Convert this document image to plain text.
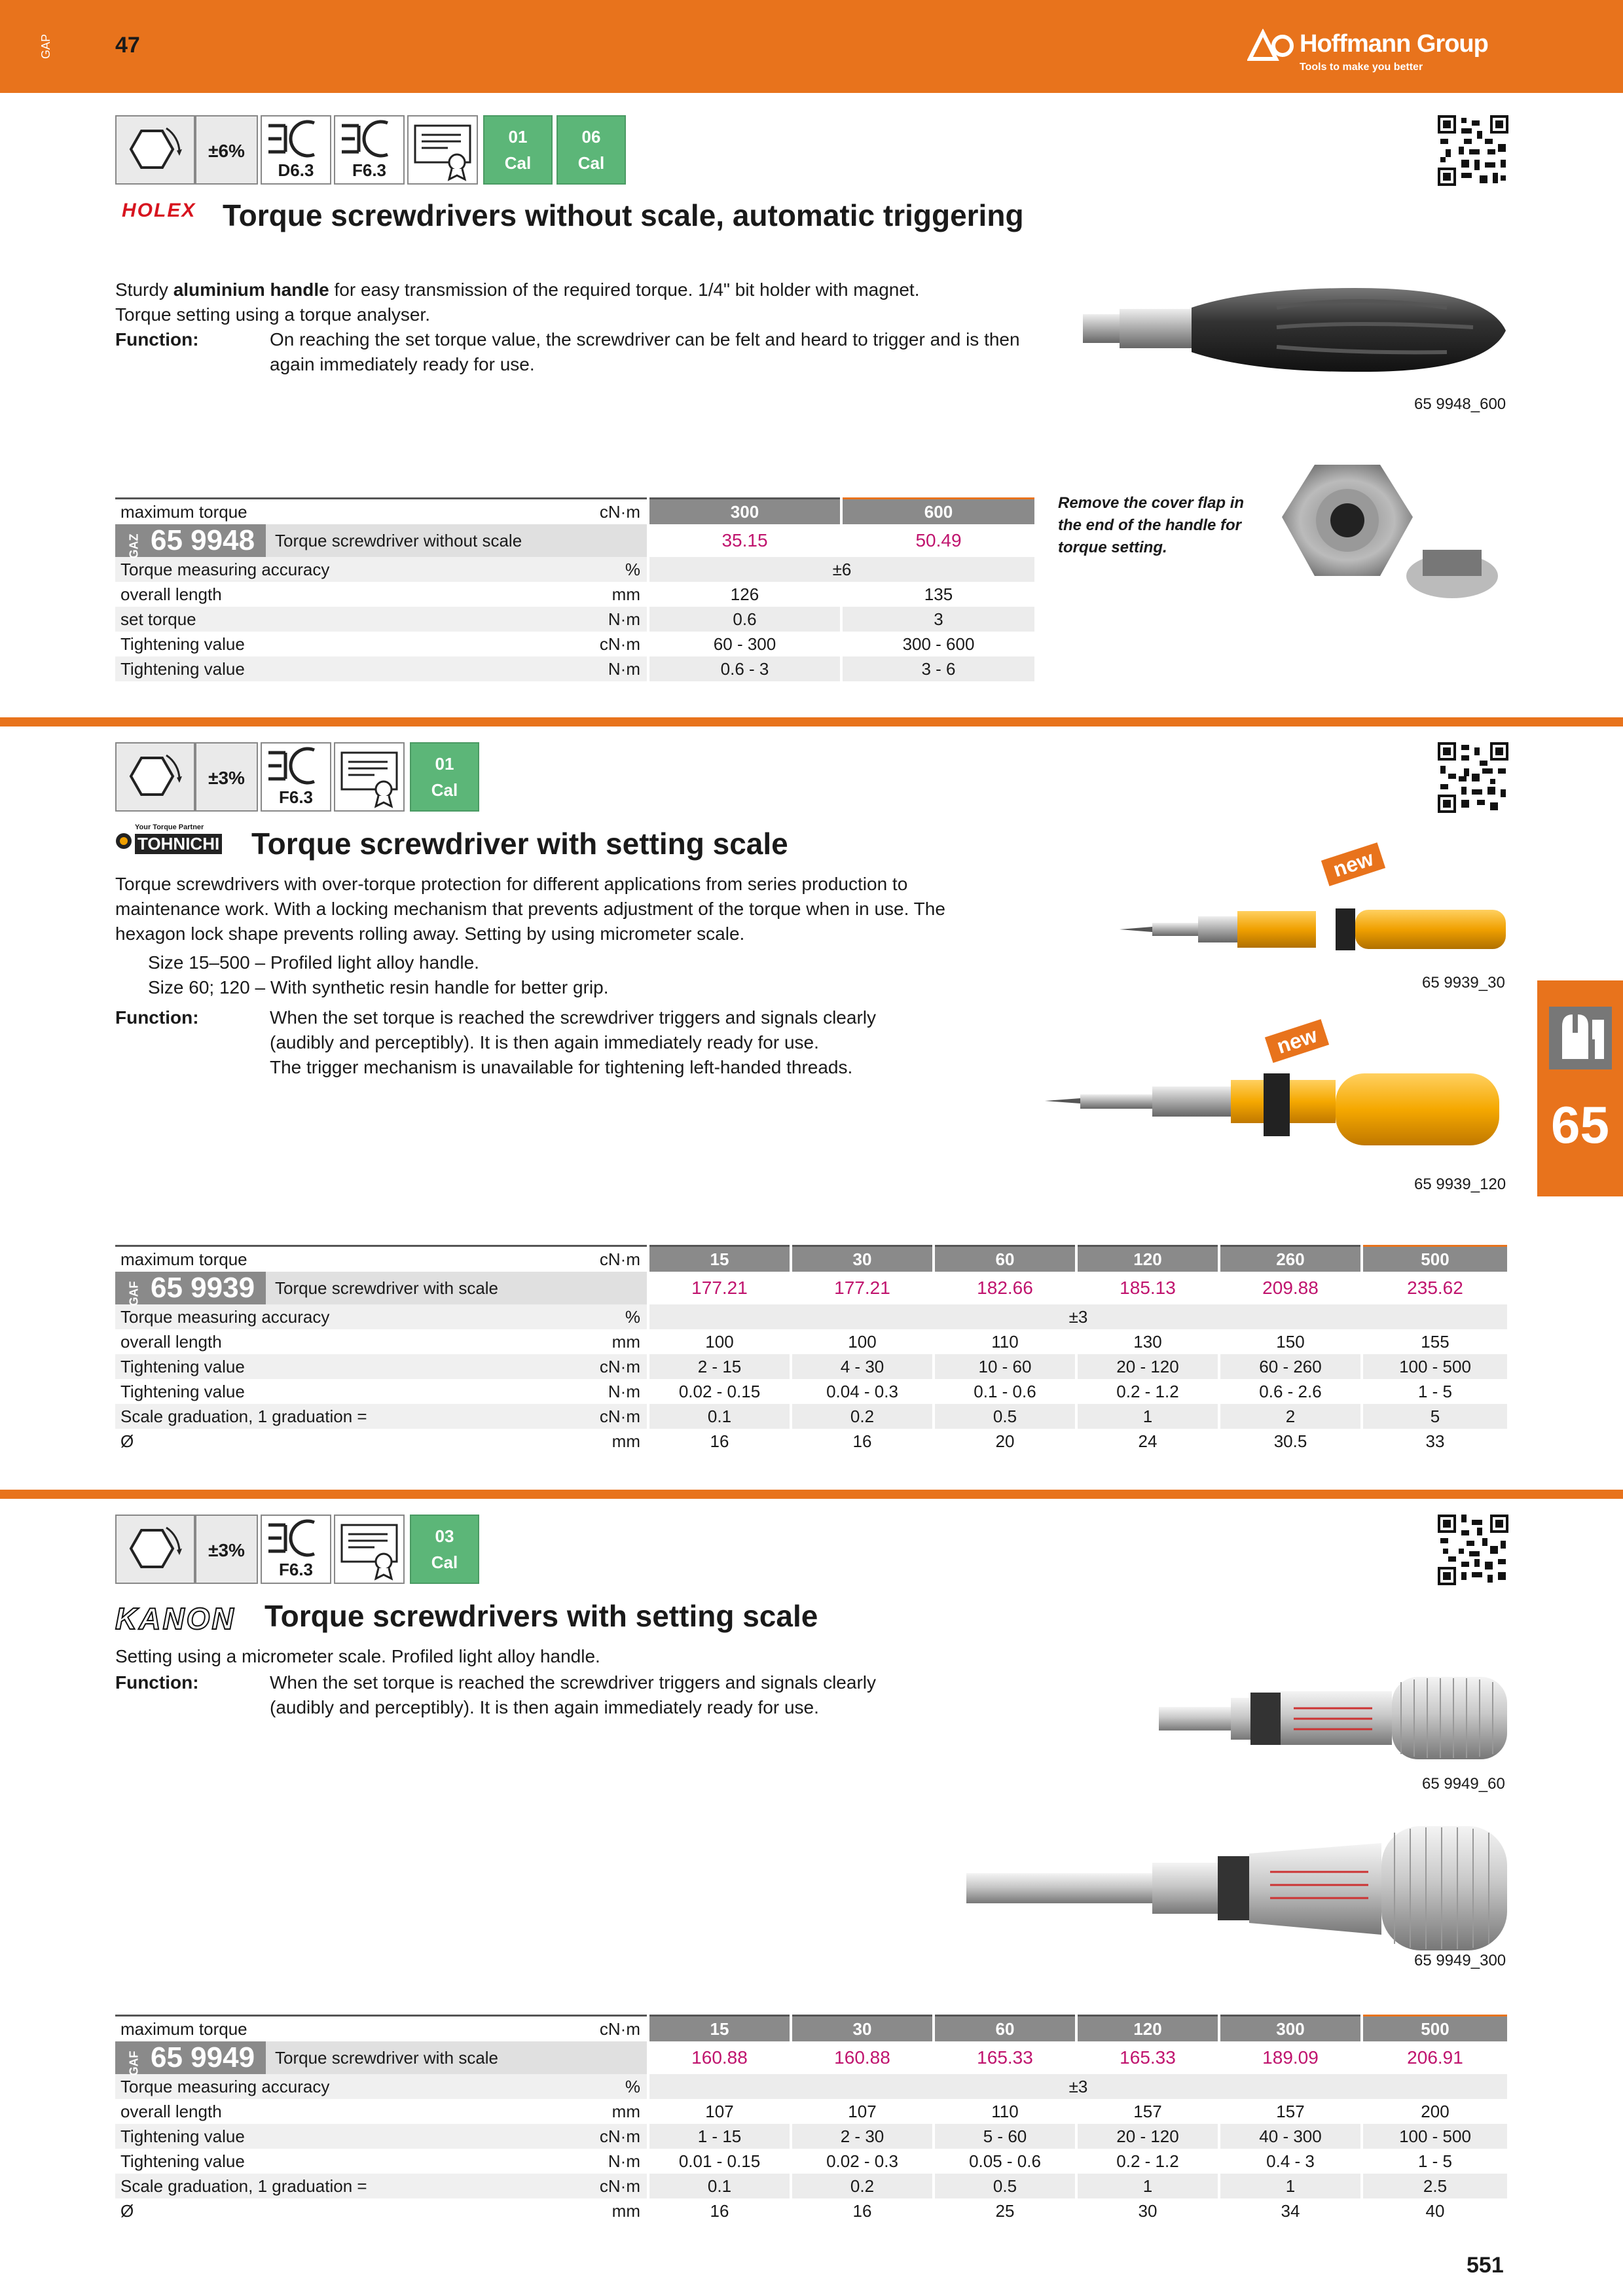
GAP	47	Hoffmann Group
Tools to make you better
±6%
D6.3	F6.3
01
Cal
06
Cal
HOLEX Torque screwdrivers without scale, automatic triggering
Sturdy aluminium handle for easy transmission of the required torque. 1/4" bit holder with magnet.
Torque setting using a torque analyser.
Function:	On reaching the set torque value, the screwdriver can be felt and heard to trigger and is then again immediately ready for use.
65 9948_600
maximum torque		cN·m	300	600
GAZ 65 9948	Torque screwdriver without scale		35.15	50.49
Torque measuring accuracy		%	±6	
overall length		mm	126	135
set torque		N·m	0.6	3
Tightening value		cN·m	60 - 300	300 - 600
Tightening value		N·m	0.6 - 3	3 - 6
Remove the cover flap in the end of the handle for torque setting.
±3%
F6.3
01
Cal
Your Torque Partner
TOHNICHI Torque screwdriver with setting scale
Torque screwdrivers with over-torque protection for different applications from series production to maintenance work. With a locking mechanism that prevents adjustment of the torque when in use. The hexagon lock shape prevents rolling away. Setting by using micrometer scale.
Size 15–500 – Profiled light alloy handle.
Size 60; 120 – With synthetic resin handle for better grip.
Function:	When the set torque is reached the screwdriver triggers and signals clearly (audibly and perceptibly). It is then again immediately ready for use.
The trigger mechanism is unavailable for tightening left-handed threads.
new
65 9939_30
new
65 9939_120
65
maximum torque		cN·m	15	30	60	120	260	500
GAF 65 9939	Torque screwdriver with scale		177.21	177.21	182.66	185.13	209.88	235.62
Torque measuring accuracy		%	±3					
overall length		mm	100	100	110	130	150	155
Tightening value		cN·m	2 - 15	4 - 30	10 - 60	20 - 120	60 - 260	100 - 500
Tightening value		N·m	0.02 - 0.15	0.04 - 0.3	0.1 - 0.6	0.2 - 1.2	0.6 - 2.6	1 - 5
Scale graduation, 1 graduation =		cN·m	0.1	0.2	0.5	1	2	5
Ø		mm	16	16	20	24	30.5	33
±3%
F6.3
03
Cal
KANON Torque screwdrivers with setting scale
Setting using a micrometer scale. Profiled light alloy handle.
Function:	When the set torque is reached the screwdriver triggers and signals clearly (audibly and perceptibly). It is then again immediately ready for use.
65 9949_60
65 9949_300
maximum torque		cN·m	15	30	60	120	300	500
GAF 65 9949	Torque screwdriver with scale		160.88	160.88	165.33	165.33	189.09	206.91
Torque measuring accuracy		%	±3					
overall length		mm	107	107	110	157	157	200
Tightening value		cN·m	1 - 15	2 - 30	5 - 60	20 - 120	40 - 300	100 - 500
Tightening value		N·m	0.01 - 0.15	0.02 - 0.3	0.05 - 0.6	0.2 - 1.2	0.4 - 3	1 - 5
Scale graduation, 1 graduation =		cN·m	0.1	0.2	0.5	1	1	2.5
Ø		mm	16	16	25	30	34	40
551
